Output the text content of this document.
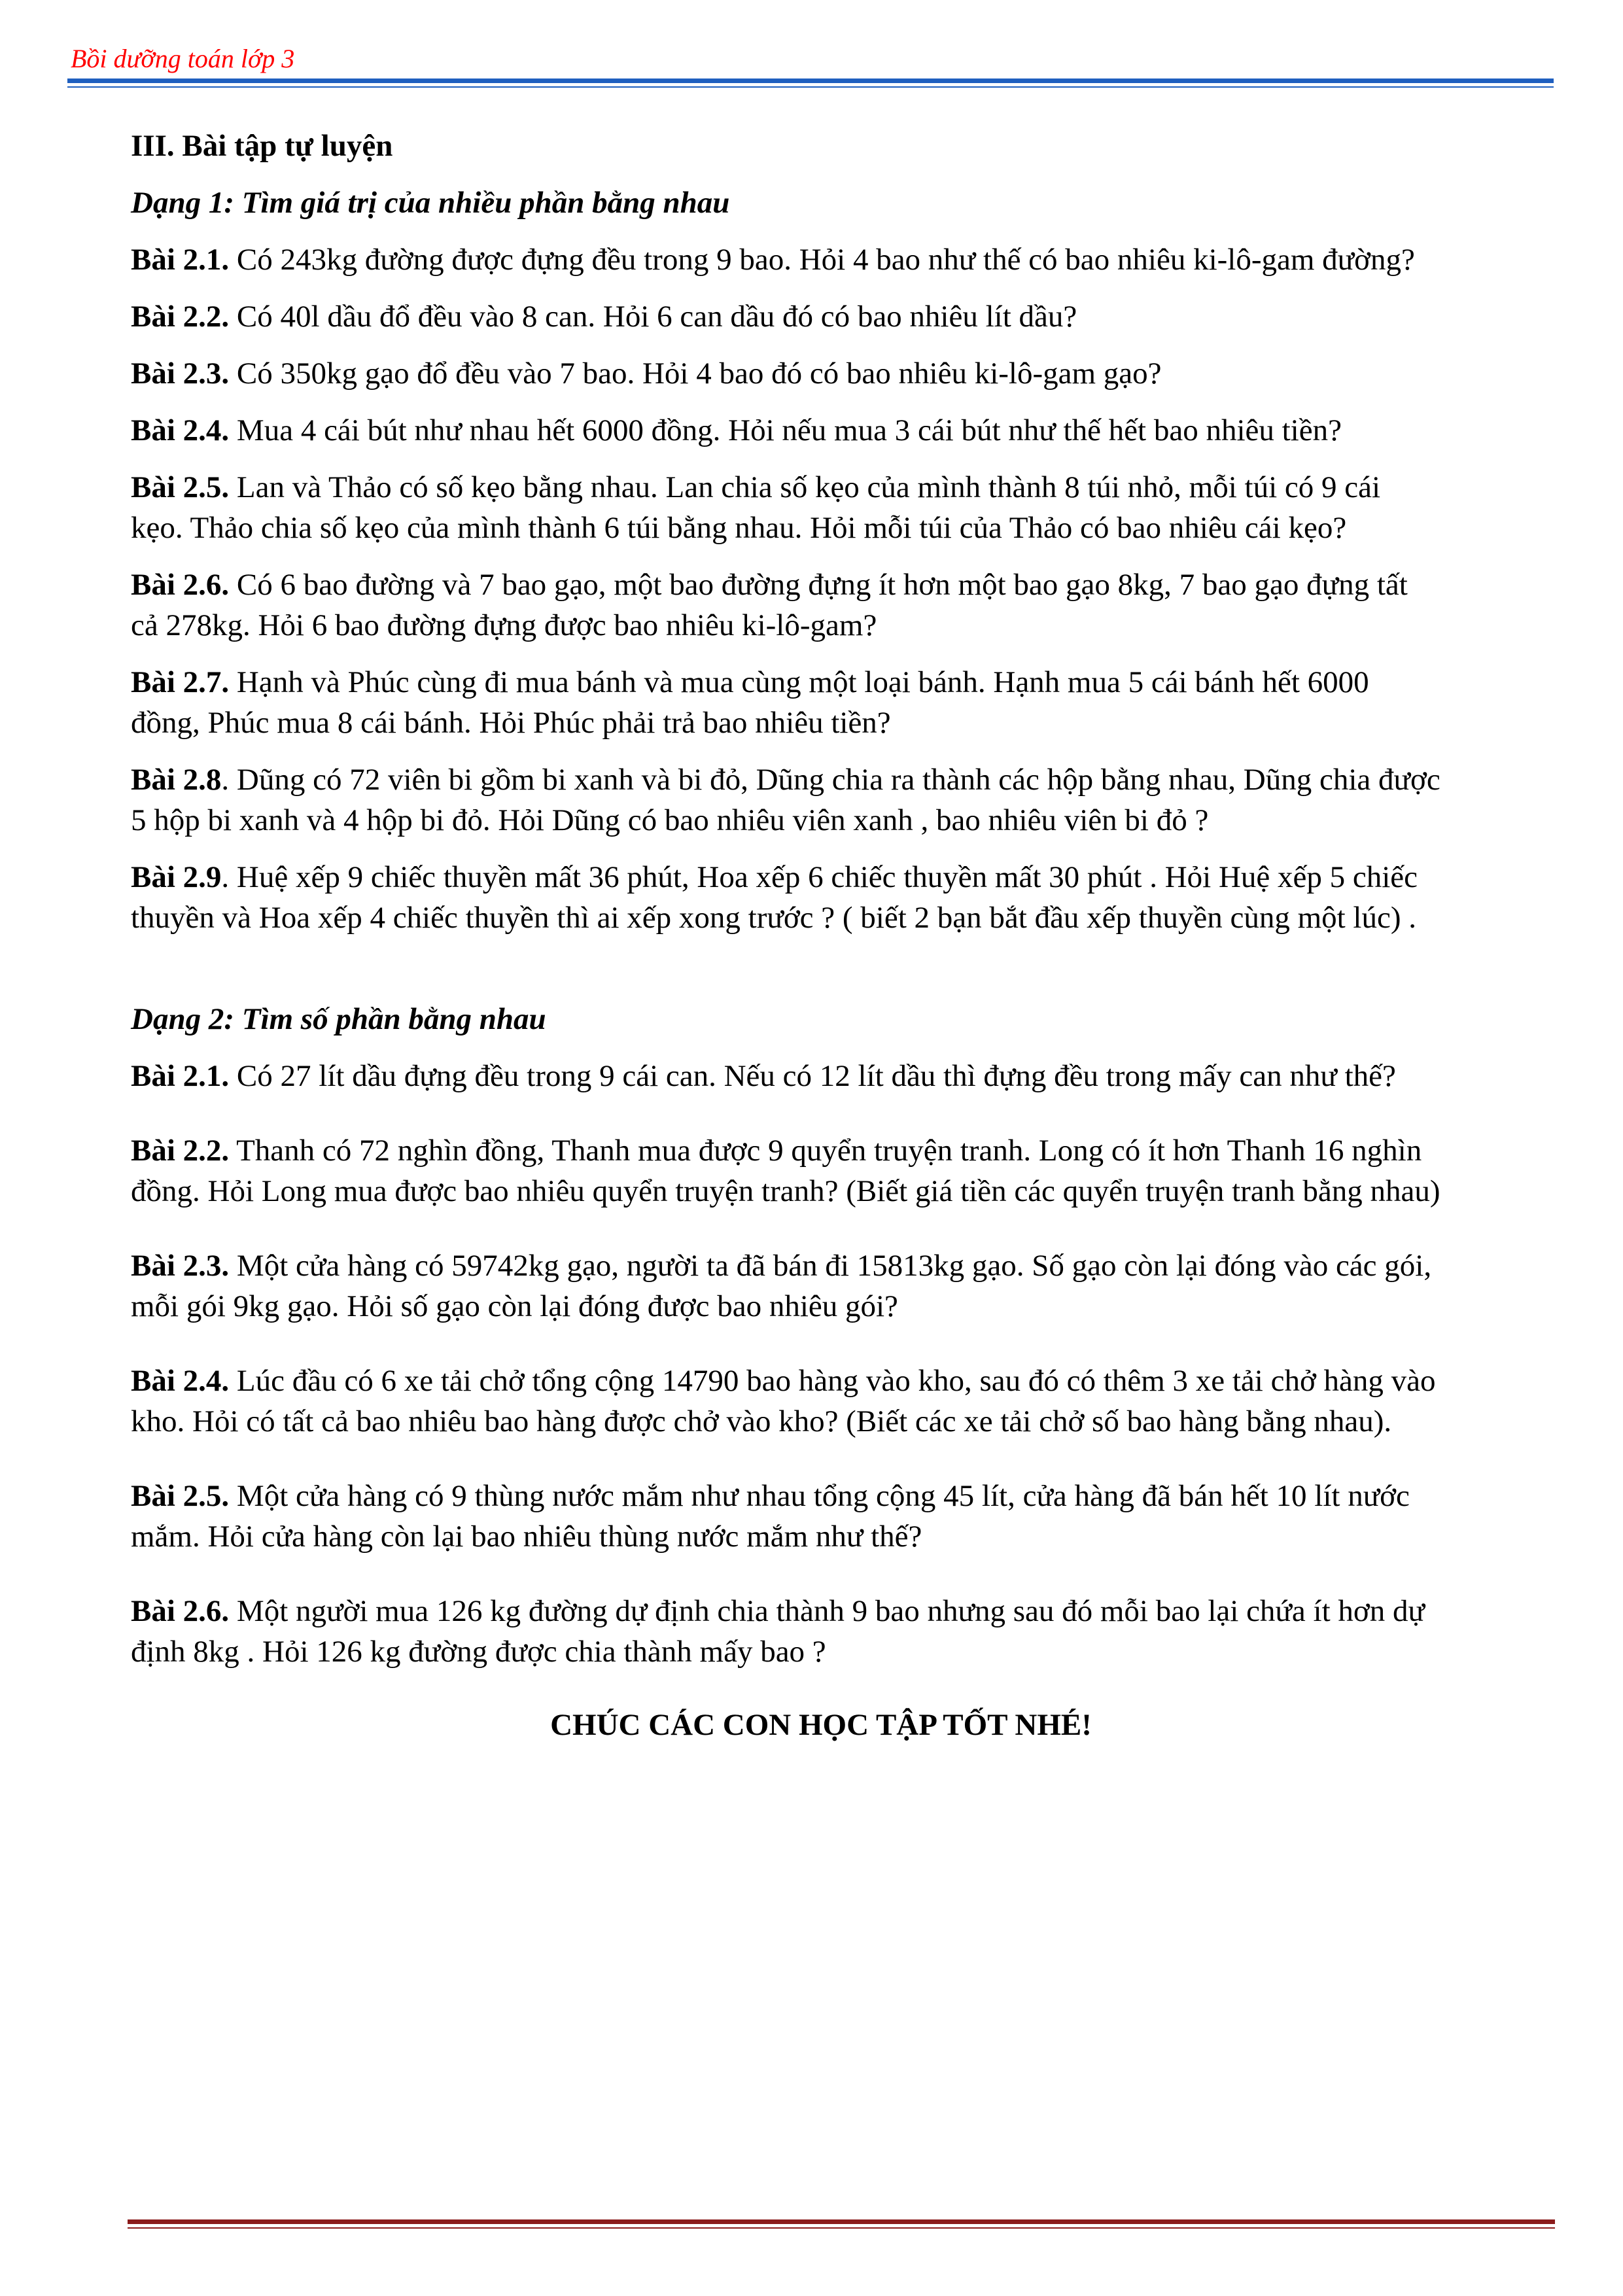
Bồi dưỡng toán lớp 3
III. Bài tập tự luyện
Dạng 1: Tìm giá trị của nhiều phần bằng nhau
Bài 2.1. Có 243kg đường được đựng đều trong 9 bao. Hỏi 4 bao như thế có bao nhiêu ki-lô-gam đường?
Bài 2.2. Có 40l dầu đổ đều vào 8 can. Hỏi 6 can dầu đó có bao nhiêu lít dầu?
Bài 2.3. Có 350kg gạo đổ đều vào 7 bao. Hỏi 4 bao đó có bao nhiêu ki-lô-gam gạo?
Bài 2.4. Mua 4 cái bút như nhau hết 6000 đồng. Hỏi nếu mua 3 cái bút như thế hết bao nhiêu tiền?
Bài 2.5. Lan và Thảo có số kẹo bằng nhau. Lan chia số kẹo của mình thành 8 túi nhỏ, mỗi túi có 9 cái
kẹo. Thảo chia số kẹo của mình thành 6 túi bằng nhau. Hỏi mỗi túi của Thảo có bao nhiêu cái kẹo?
Bài 2.6. Có 6 bao đường và 7 bao gạo, một bao đường đựng ít hơn một bao gạo 8kg, 7 bao gạo đựng tất
cả 278kg. Hỏi 6 bao đường đựng được bao nhiêu ki-lô-gam?
Bài 2.7. Hạnh và Phúc cùng đi mua bánh và mua cùng một loại bánh. Hạnh mua 5 cái bánh hết 6000
đồng, Phúc mua 8 cái bánh. Hỏi Phúc phải trả bao nhiêu tiền?
Bài 2.8. Dũng có 72 viên bi gồm bi xanh và bi đỏ, Dũng chia ra thành các hộp bằng nhau, Dũng chia được
5 hộp bi xanh và 4 hộp bi đỏ. Hỏi Dũng có bao nhiêu viên xanh , bao nhiêu viên bi đỏ ?
Bài 2.9. Huệ xếp 9 chiếc thuyền mất 36 phút, Hoa xếp 6 chiếc thuyền mất 30 phút . Hỏi Huệ xếp 5 chiếc
thuyền và Hoa xếp 4 chiếc thuyền thì ai xếp xong trước ? ( biết 2 bạn bắt đầu xếp thuyền cùng một lúc) .
Dạng 2: Tìm số phần bằng nhau
Bài 2.1. Có 27 lít dầu đựng đều trong 9 cái can. Nếu có 12 lít dầu thì đựng đều trong mấy can như thế?
Bài 2.2. Thanh có 72 nghìn đồng, Thanh mua được 9 quyển truyện tranh. Long có ít hơn Thanh 16 nghìn
đồng. Hỏi Long mua được bao nhiêu quyển truyện tranh? (Biết giá tiền các quyển truyện tranh bằng nhau)
Bài 2.3. Một cửa hàng có 59742kg gạo, người ta đã bán đi 15813kg gạo. Số gạo còn lại đóng vào các gói,
mỗi gói 9kg gạo. Hỏi số gạo còn lại đóng được bao nhiêu gói?
Bài 2.4. Lúc đầu có 6 xe tải chở tổng cộng 14790 bao hàng vào kho, sau đó có thêm 3 xe tải chở hàng vào
kho. Hỏi có tất cả bao nhiêu bao hàng được chở vào kho? (Biết các xe tải chở số bao hàng bằng nhau).
Bài 2.5. Một cửa hàng có 9 thùng nước mắm như nhau tổng cộng 45 lít, cửa hàng đã bán hết 10 lít nước
mắm. Hỏi cửa hàng còn lại bao nhiêu thùng nước mắm như thế?
Bài 2.6. Một người mua 126 kg đường dự định chia thành 9 bao nhưng sau đó mỗi bao lại chứa ít hơn dự
định 8kg . Hỏi 126 kg đường được chia thành mấy bao ?
CHÚC CÁC CON HỌC TẬP TỐT NHÉ!
